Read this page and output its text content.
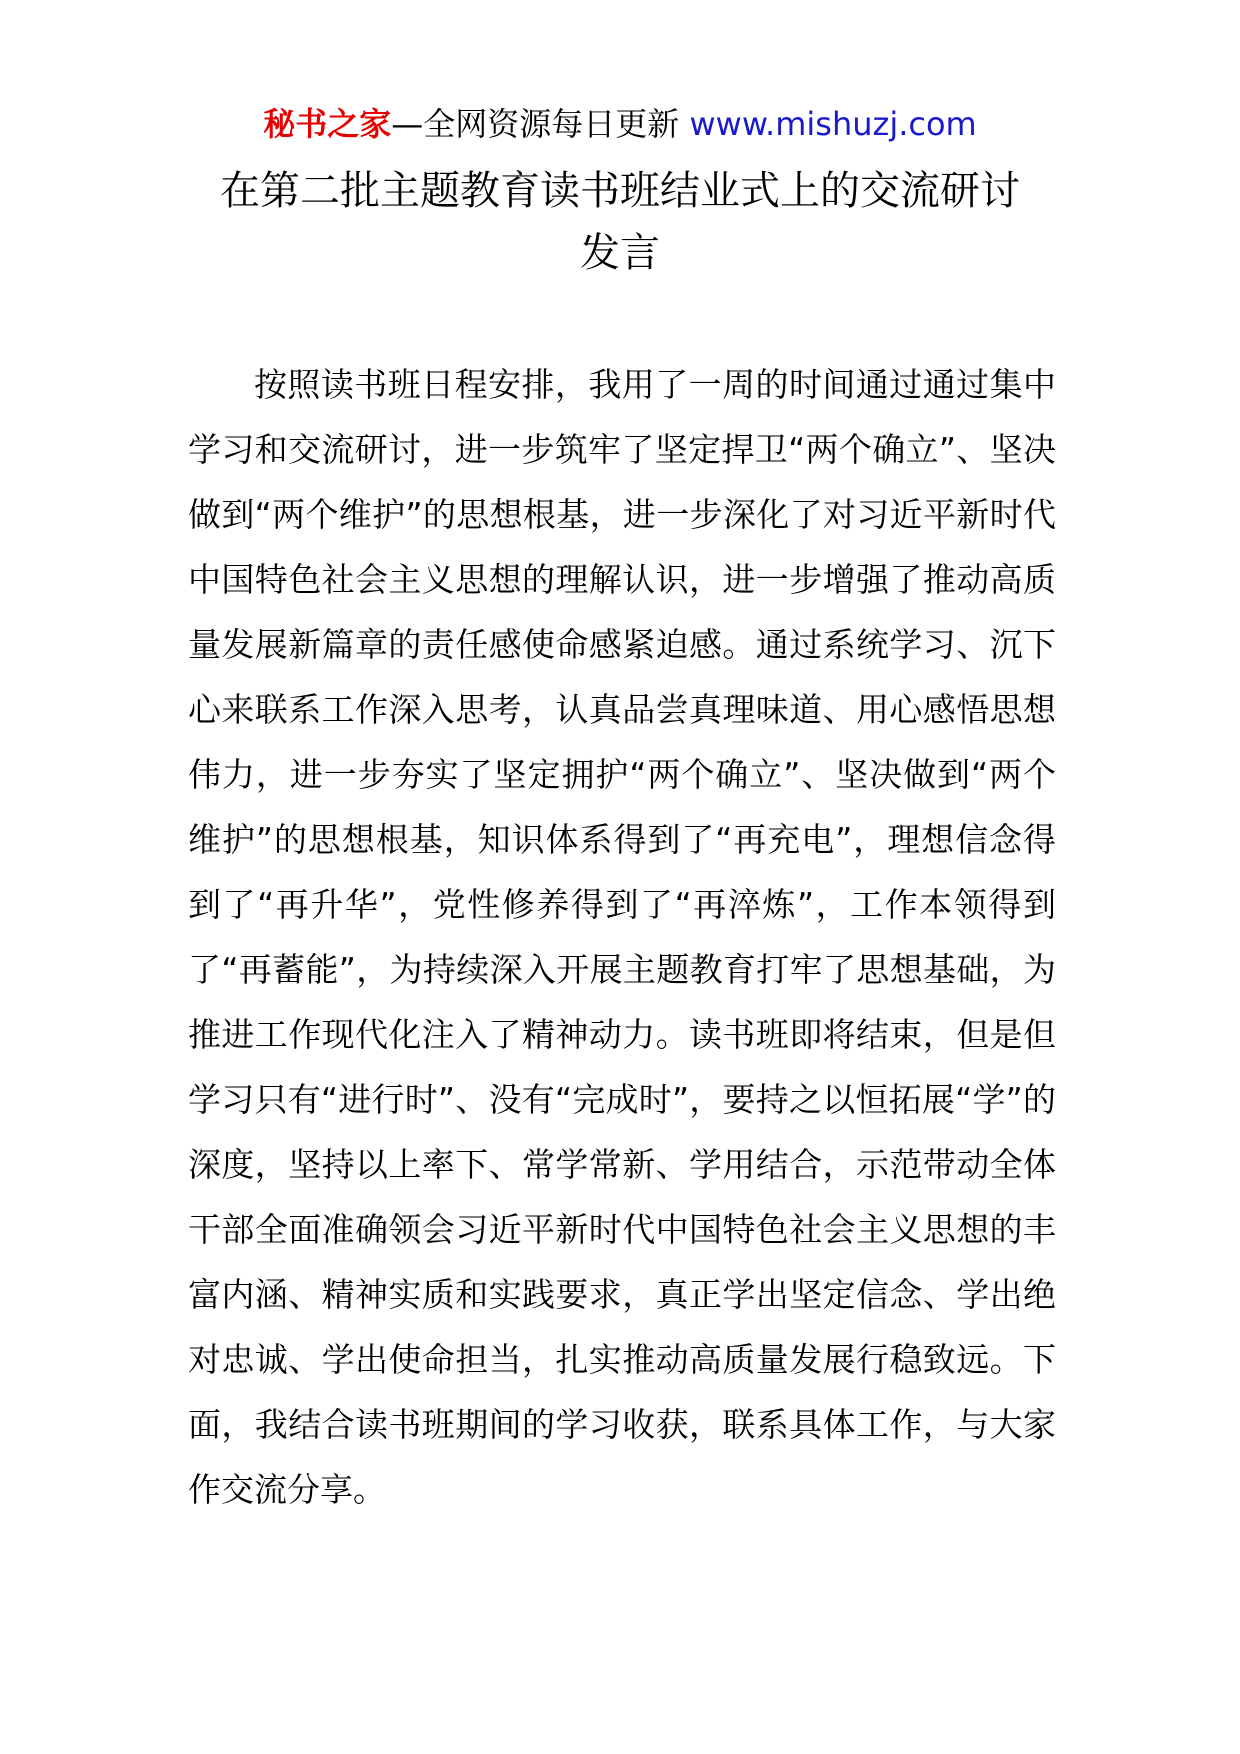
秘书之家—全网资源每日更新 www.mishuzj.com
在第二批主题教育读书班结业式上的交流研讨
发言

按照读书班日程安排，我用了一周的时间通过通过集中学习和交流研讨，进一步筑牢了坚定捍卫“两个确立”、坚决做到“两个维护”的思想根基，进一步深化了对习近平新时代中国特色社会主义思想的理解认识，进一步增强了推动高质量发展新篇章的责任感使命感紧迫感。通过系统学习、沉下心来联系工作深入思考，认真品尝真理味道、用心感悟思想伟力，进一步夯实了坚定拥护“两个确立”、坚决做到“两个维护”的思想根基，知识体系得到了“再充电”，理想信念得到了“再升华”，党性修养得到了“再淬炼”，工作本领得到了“再蓄能”，为持续深入开展主题教育打牢了思想基础，为推进工作现代化注入了精神动力。读书班即将结束，但是但学习只有“进行时”、没有“完成时”，要持之以恒拓展“学”的深度，坚持以上率下、常学常新、学用结合，示范带动全体干部全面准确领会习近平新时代中国特色社会主义思想的丰富内涵、精神实质和实践要求，真正学出坚定信念、学出绝对忠诚、学出使命担当，扎实推动高质量发展行稳致远。下面，我结合读书班期间的学习收获，联系具体工作，与大家作交流分享。
